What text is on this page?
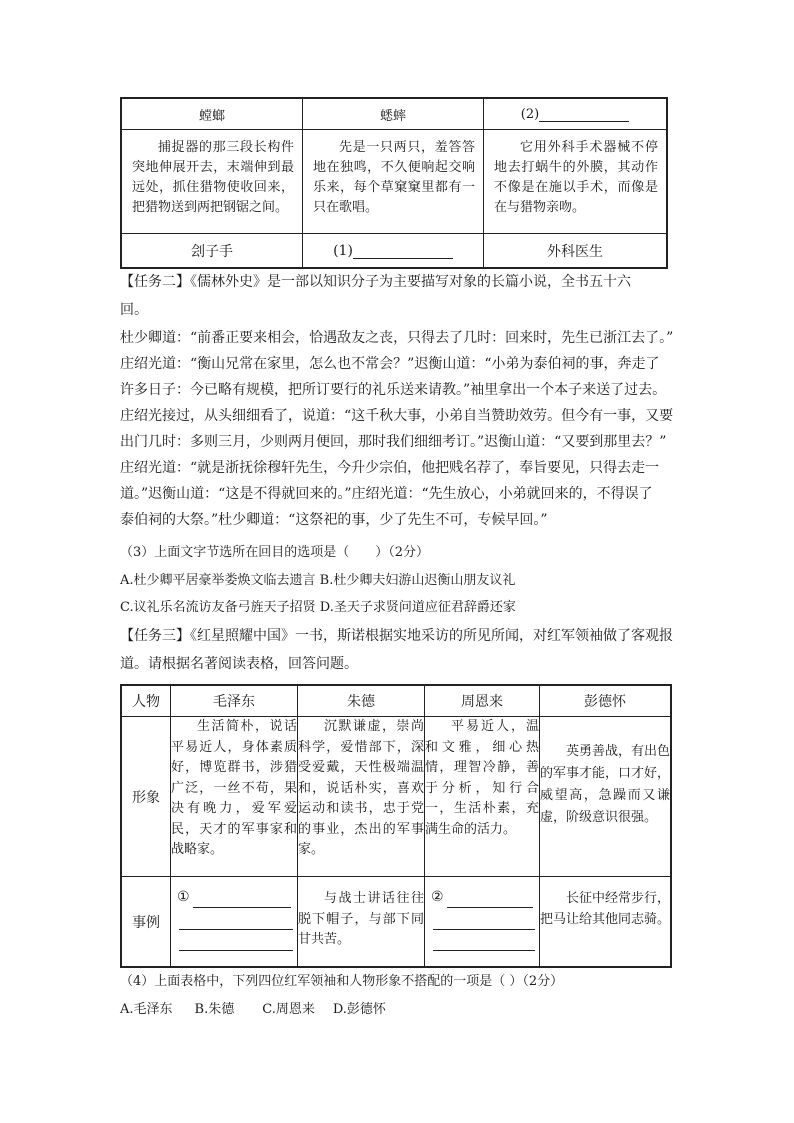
螳螂	蟋蟀	(2)

捕捉器的那三段长构件突地伸展开去，末端伸到最远处，抓住猎物使收回来，把猎物送到两把钢锯之间。	先是一只两只，羞答答地在独鸣，不久便响起交响乐来，每个草窠窠里都有一只在歌唱。	它用外科手术器械不停地去打蜗牛的外膜，其动作不像是在施以手术，而像是在与猎物亲吻。

刽子手	(1)	外科医生
【任务二】《儒林外史》是一部以知识分子为主要描写对象的长篇小说，全书五十六
回。
杜少卿道：“前番正要来相会，恰遇敌友之丧，只得去了几时：回来时，先生已浙江去了。”
庄绍光道：“衡山兄常在家里，怎么也不常会？”迟衡山道：“小弟为泰伯祠的事，奔走了
许多日子：今已略有规模，把所订要行的礼乐送来请教。”袖里拿出一个本子来送了过去。
庄绍光接过，从头细细看了，说道：“这千秋大事，小弟自当赞助效劳。但今有一事，又要
出门几时：多则三月，少则两月便回，那时我们细细考订。”迟衡山道：“又要到那里去？”
庄绍光道：“就是浙抚徐穆轩先生，今升少宗伯，他把贱名荐了，奉旨要见，只得去走一
道。”迟衡山道：“这是不得就回来的。”庄绍光道：“先生放心，小弟就回来的，不得误了
泰伯祠的大祭。”杜少卿道：“这祭祀的事，少了先生不可，专候早回。”
（3）上面文字节选所在回目的选项是（　　）（2分）
A.杜少卿平居豪举娄焕文临去遗言 B.杜少卿夫妇游山迟衡山朋友议礼
C.议礼乐名流访友备弓旌天子招贤 D.圣天子求贤问道应征君辞爵还家
【任务三】《红星照耀中国》一书，斯诺根据实地采访的所见所闻，对红军领袖做了客观报
道。请根据名著阅读表格，回答问题。
人物	毛泽东	朱德	周恩来	彭德怀
形象	生活简朴，说话平易近人，身体素质好，博览群书，涉猎广泛，一丝不苟，果决有晚力，爱军爱民，天才的军事家和战略家。	沉默谦虚，崇尚科学，爱惜部下，深受爱戴，天性极端温和，说话朴实，喜欢运动和读书，忠于党的事业，杰出的军事家。	平易近人，温和文雅，细心热情，理智冷静，善于分析，知行合一，生活朴素，充满生命的活力。	英勇善战，有出色的军事才能，口才好，威望高，急躁而又谦虚，阶级意识很强。
事例	①	与战士讲话往往脱下帽子，与部下同甘共苦。	②	长征中经常步行，把马让给其他同志骑。
（4）上面表格中，下列四位红军领袖和人物形象不搭配的一项是（ ）（2分）
A.毛泽东 B.朱德 C.周恩来 D.彭德怀
